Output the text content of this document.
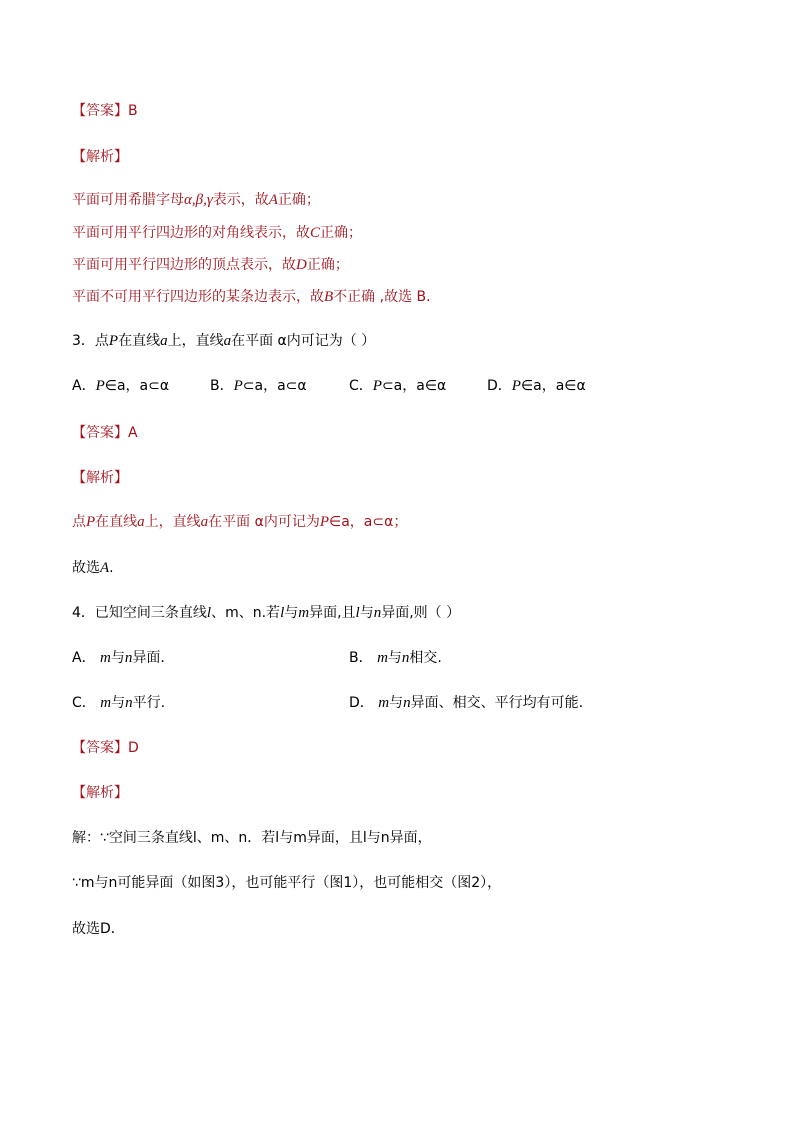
【答案】B
【解析】
平面可用希腊字母α,β,γ表示，故A正确；
平面可用平行四边形的对角线表示，故C正确；
平面可用平行四边形的顶点表示，故D正确；
平面不可用平行四边形的某条边表示，故B不正确 ,故选 B.
3．点P在直线a上，直线a在平面 α内可记为（ ）
A．P∈a，a⊂α	B．P⊂a，a⊂α	C．P⊂a，a∈α	D．P∈a，a∈α
【答案】A
【解析】
点P在直线a上，直线a在平面 α内可记为P∈a，a⊂α；
故选A.
4．已知空间三条直线l、m、n.若l与m异面,且l与n异面,则（ ）
A． m与n异面.	B． m与n相交.
C． m与n平行.	D． m与n异面、相交、平行均有可能.
【答案】D
【解析】
解：∵空间三条直线l、m、n．若l与m异面，且l与n异面，
∵m与n可能异面（如图3），也可能平行（图1），也可能相交（图2），
故选D．
